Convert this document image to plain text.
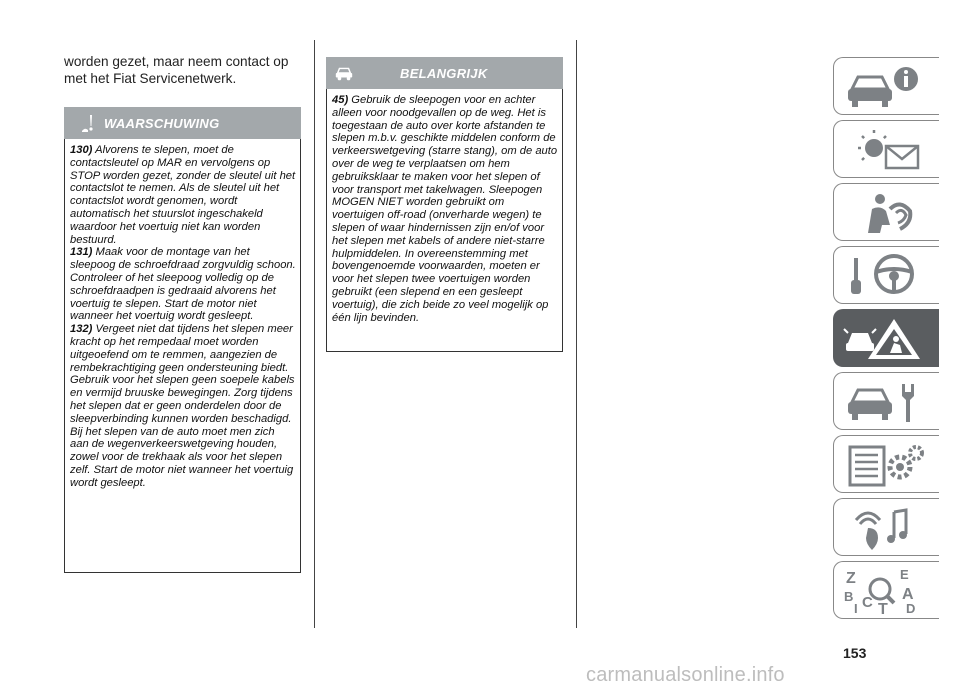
worden gezet, maar neem contact op met het Fiat Servicenetwerk.
WAARSCHUWING

130) Alvorens te slepen, moet de contactsleutel op MAR en vervolgens op STOP worden gezet, zonder de sleutel uit het contactslot te nemen. Als de sleutel uit het contactslot wordt genomen, wordt automatisch het stuurslot ingeschakeld waardoor het voertuig niet kan worden bestuurd.

131) Maak voor de montage van het sleepoog de schroefdraad zorgvuldig schoon. Controleer of het sleepoog volledig op de schroefdraadpen is gedraaid alvorens het voertuig te slepen. Start de motor niet wanneer het voertuig wordt gesleept.

132) Vergeet niet dat tijdens het slepen meer kracht op het rempedaal moet worden uitgeoefend om te remmen, aangezien de rembekrachtiging geen ondersteuning biedt. Gebruik voor het slepen geen soepele kabels en vermijd bruuske bewegingen. Zorg tijdens het slepen dat er geen onderdelen door de sleepverbinding kunnen worden beschadigd. Bij het slepen van de auto moet men zich aan de wegenverkeerswetgeving houden, zowel voor de trekhaak als voor het slepen zelf. Start de motor niet wanneer het voertuig wordt gesleept.

BELANGRIJK

45) Gebruik de sleepogen voor en achter alleen voor noodgevallen op de weg. Het is toegestaan de auto over korte afstanden te slepen m.b.v. geschikte middelen conform de verkeerswetgeving (starre stang), om de auto over de weg te verplaatsen om hem gebruiksklaar te maken voor het slepen of voor transport met takelwagen. Sleepogen MOGEN NIET worden gebruikt om voertuigen off-road (onverharde wegen) te slepen of waar hindernissen zijn en/of voor het slepen met kabels of andere niet-starre hulpmiddelen. In overeenstemming met bovengenoemde voorwaarden, moeten er voor het slepen twee voertuigen worden gebruikt (een slepend en een gesleept voertuig), die zich beide zo veel mogelijk op één lijn bevinden.

Z	E
B	A
C
I T D
153
carmanualsonline.info
